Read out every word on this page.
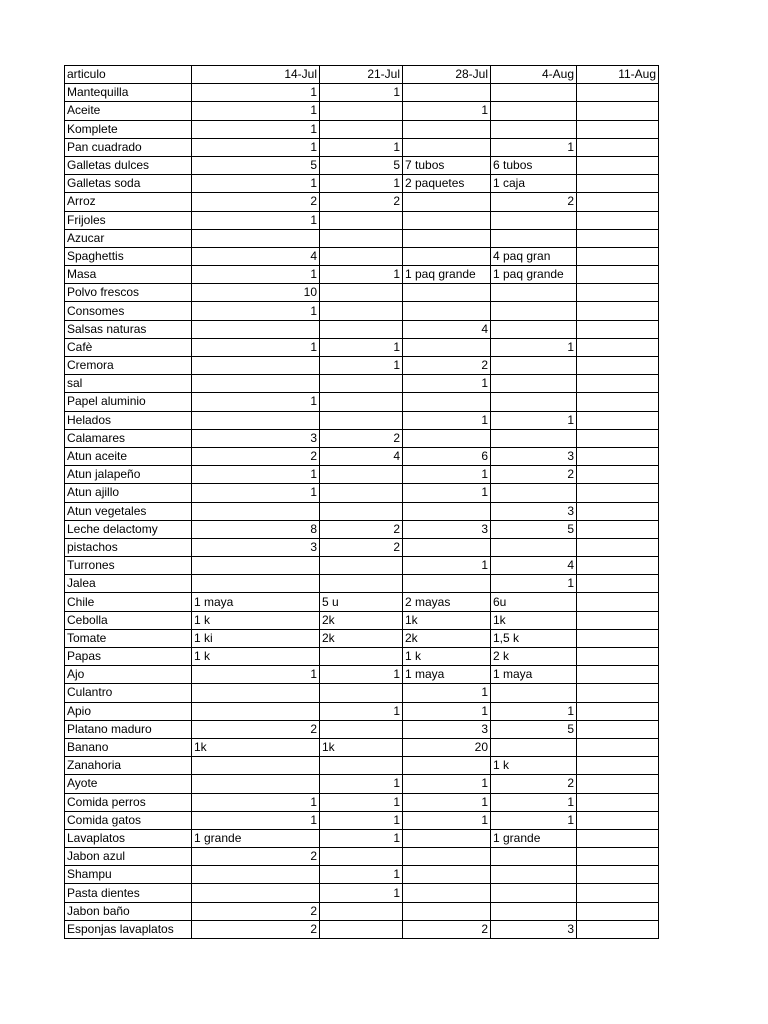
articulo	14-Jul	21-Jul	28-Jul	4-Aug	11-Aug
Mantequilla	1	1			
Aceite	1		1		
Komplete	1				
Pan cuadrado	1	1		1	
Galletas dulces	5	5	7 tubos	6 tubos	
Galletas soda	1	1	2 paquetes	1 caja	
Arroz	2	2		2	
Frijoles	1				
Azucar					
Spaghettis	4			4 paq gran	
Masa	1	1	1 paq grande	1 paq grande	
Polvo frescos	10				
Consomes	1				
Salsas naturas			4		
Cafè	1	1		1	
Cremora		1	2		
sal			1		
Papel aluminio	1				
Helados			1	1	
Calamares	3	2			
Atun aceite	2	4	6	3	
Atun jalapeño	1		1	2	
Atun ajillo	1		1		
Atun vegetales				3	
Leche delactomy	8	2	3	5	
pistachos	3	2			
Turrones			1	4	
Jalea				1	
Chile	1 maya	5 u	2 mayas	6u	
Cebolla	1 k	2k	1k	1k	
Tomate	1 ki	2k	2k	1,5 k	
Papas	1 k		1 k	2 k	
Ajo	1	1	1 maya	1 maya	
Culantro			1		
Apio		1	1	1	
Platano maduro	2		3	5	
Banano	1k	1k	20		
Zanahoria				1 k	
Ayote		1	1	2	
Comida perros	1	1	1	1	
Comida gatos	1	1	1	1	
Lavaplatos	1 grande	1		1 grande	
Jabon azul	2				
Shampu		1			
Pasta dientes		1			
Jabon baño	2				
Esponjas lavaplatos	2		2	3	
